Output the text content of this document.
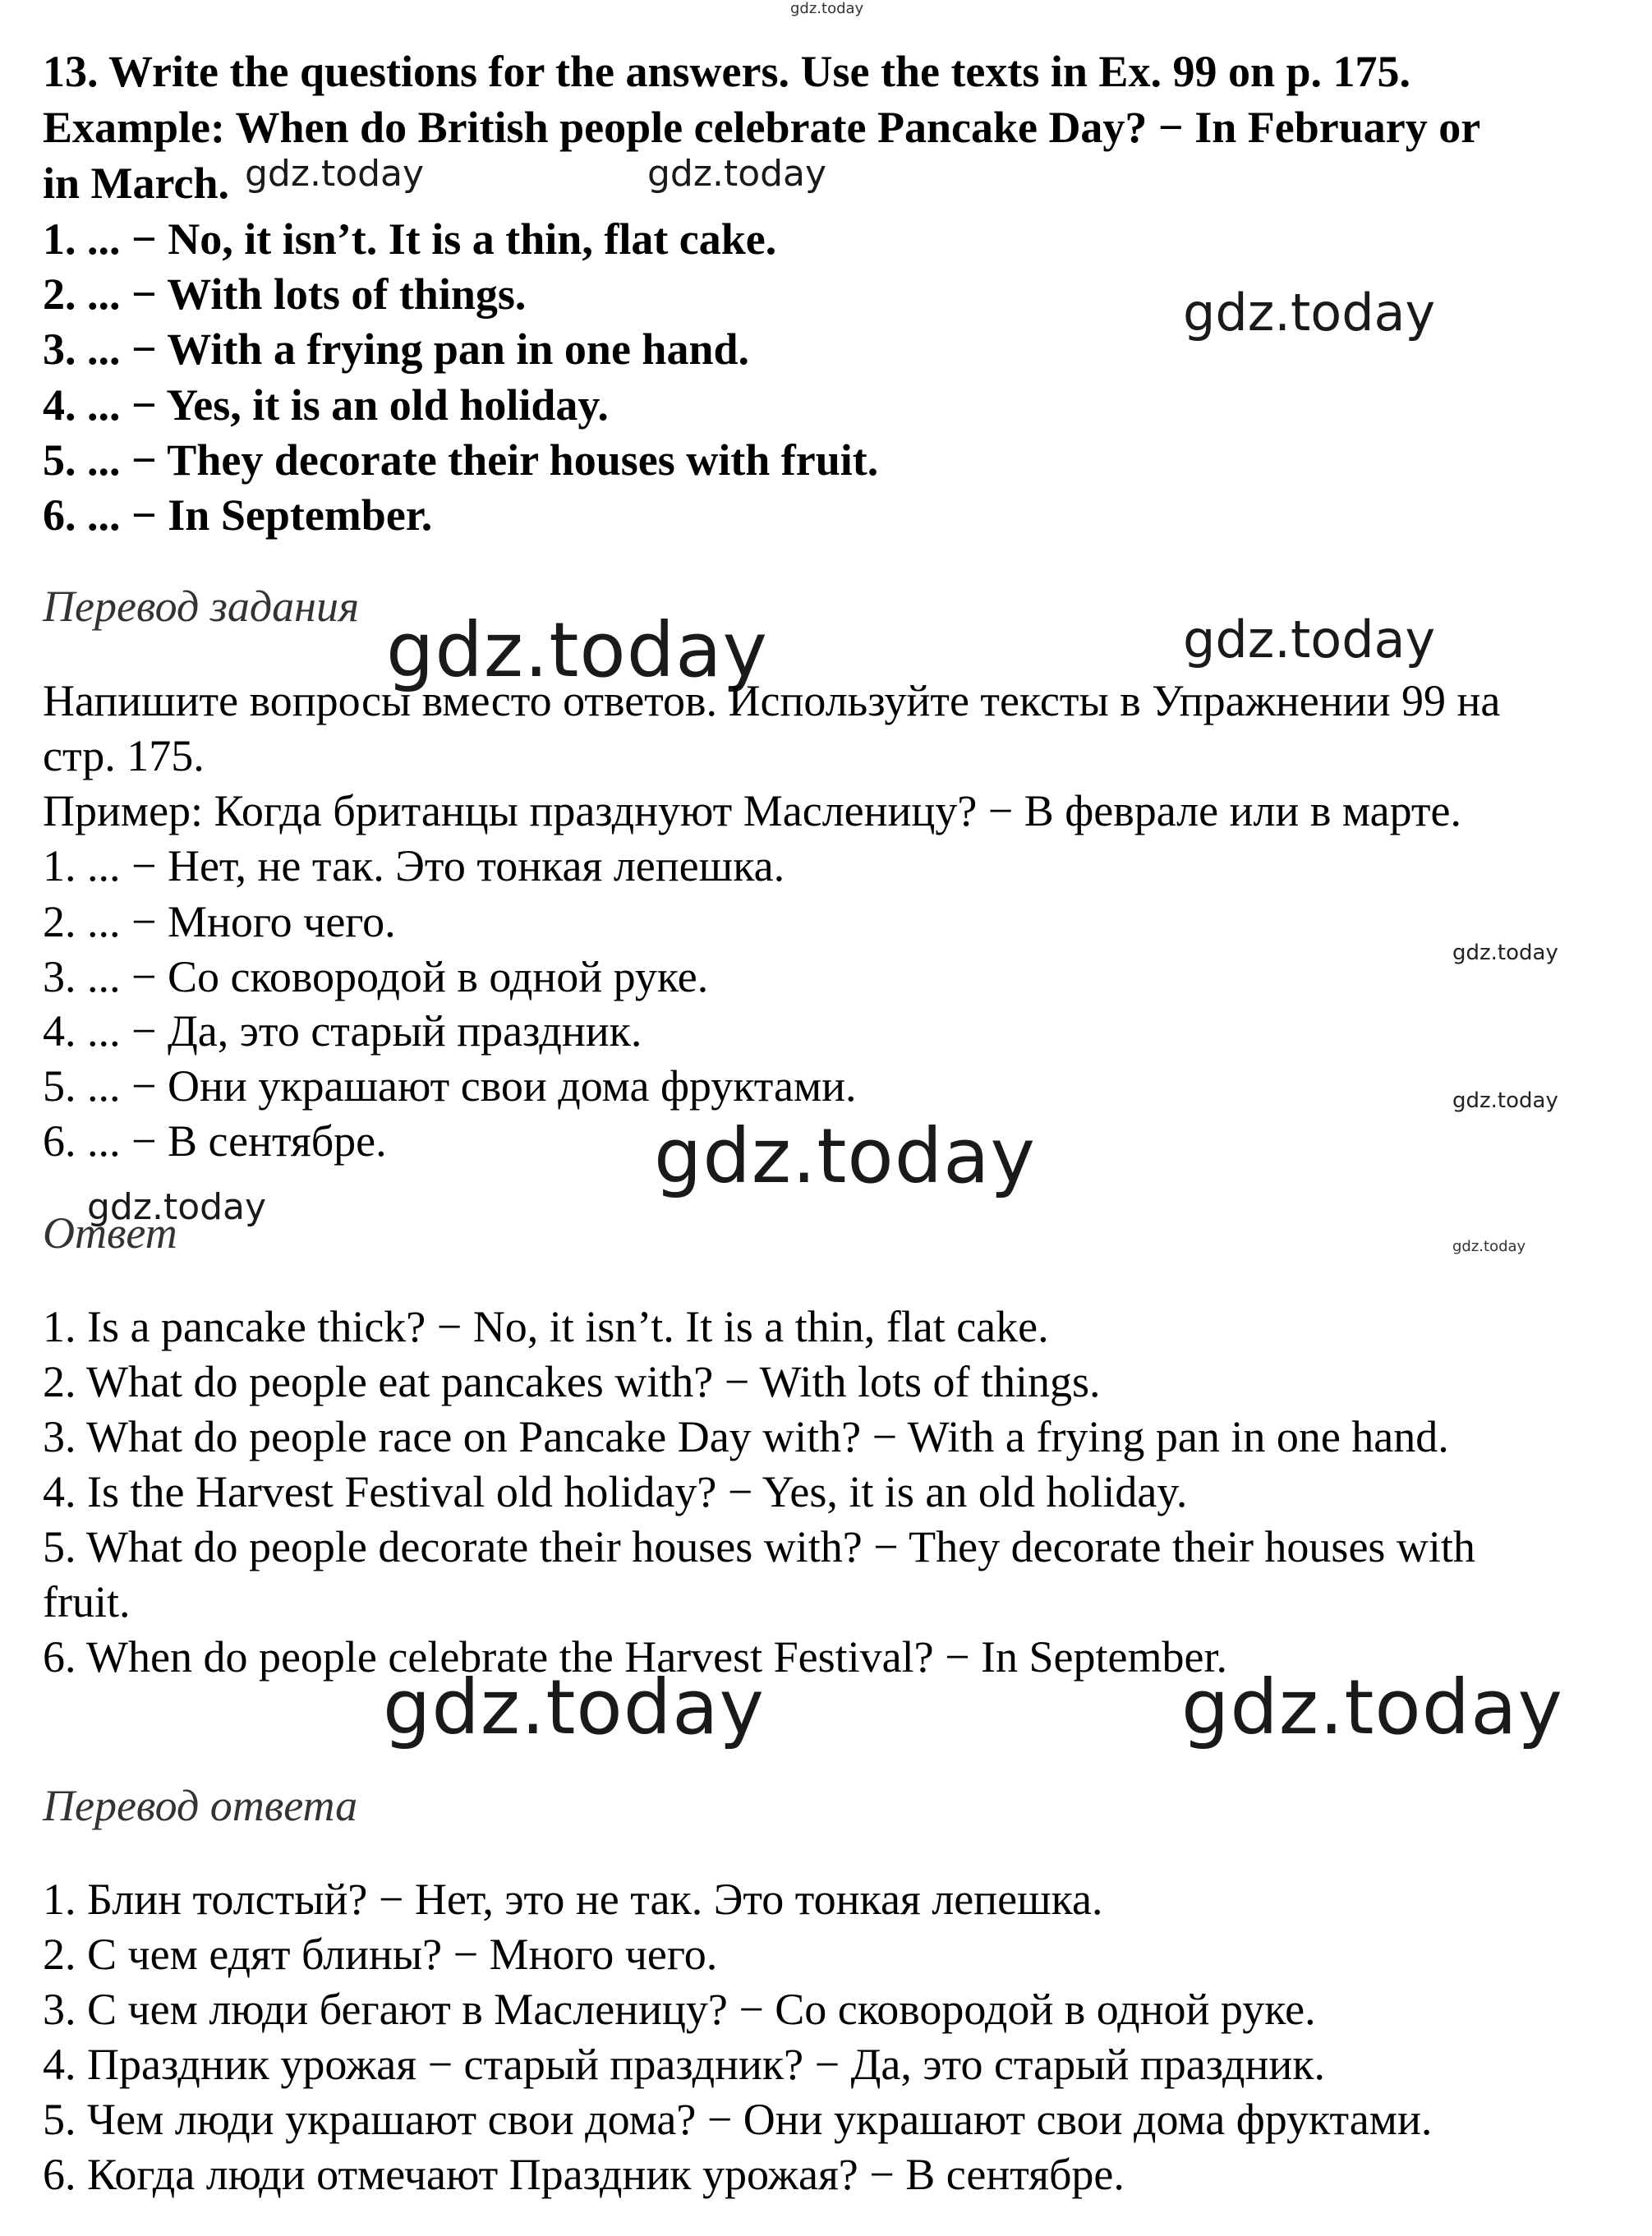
gdz.today
gdz.today	gdz.today
gdz.today
gdz.today	gdz.today
gdz.today
gdz.today
gdz.today
gdz.today
gdz.today
gdz.today	gdz.today
13. Write the questions for the answers. Use the texts in Ex. 99 on p. 175.
Example: When do British people celebrate Pancake Day? − In February or
in March.
1. ... − No, it isn’t. It is a thin, flat cake.
2. ... − With lots of things.
3. ... − With a frying pan in one hand.
4. ... − Yes, it is an old holiday.
5. ... − They decorate their houses with fruit.
6. ... − In September.
Перевод задания
Напишите вопросы вместо ответов. Используйте тексты в Упражнении 99 на
стр. 175.
Пример: Когда британцы празднуют Масленицу? − В феврале или в марте.
1. ... − Нет, не так. Это тонкая лепешка.
2. ... − Много чего.
3. ... − Со сковородой в одной руке.
4. ... − Да, это старый праздник.
5. ... − Они украшают свои дома фруктами.
6. ... − В сентябре.
Ответ
1. Is a pancake thick? − No, it isn’t. It is a thin, flat cake.
2. What do people eat pancakes with? − With lots of things.
3. What do people race on Pancake Day with? − With a frying pan in one hand.
4. Is the Harvest Festival old holiday? − Yes, it is an old holiday.
5. What do people decorate their houses with? − They decorate their houses with
fruit.
6. When do people celebrate the Harvest Festival? − In September.
Перевод ответа
1. Блин толстый? − Нет, это не так. Это тонкая лепешка.
2. С чем едят блины? − Много чего.
3. С чем люди бегают в Масленицу? − Со сковородой в одной руке.
4. Праздник урожая − старый праздник? − Да, это старый праздник.
5. Чем люди украшают свои дома? − Они украшают свои дома фруктами.
6. Когда люди отмечают Праздник урожая? − В сентябре.
